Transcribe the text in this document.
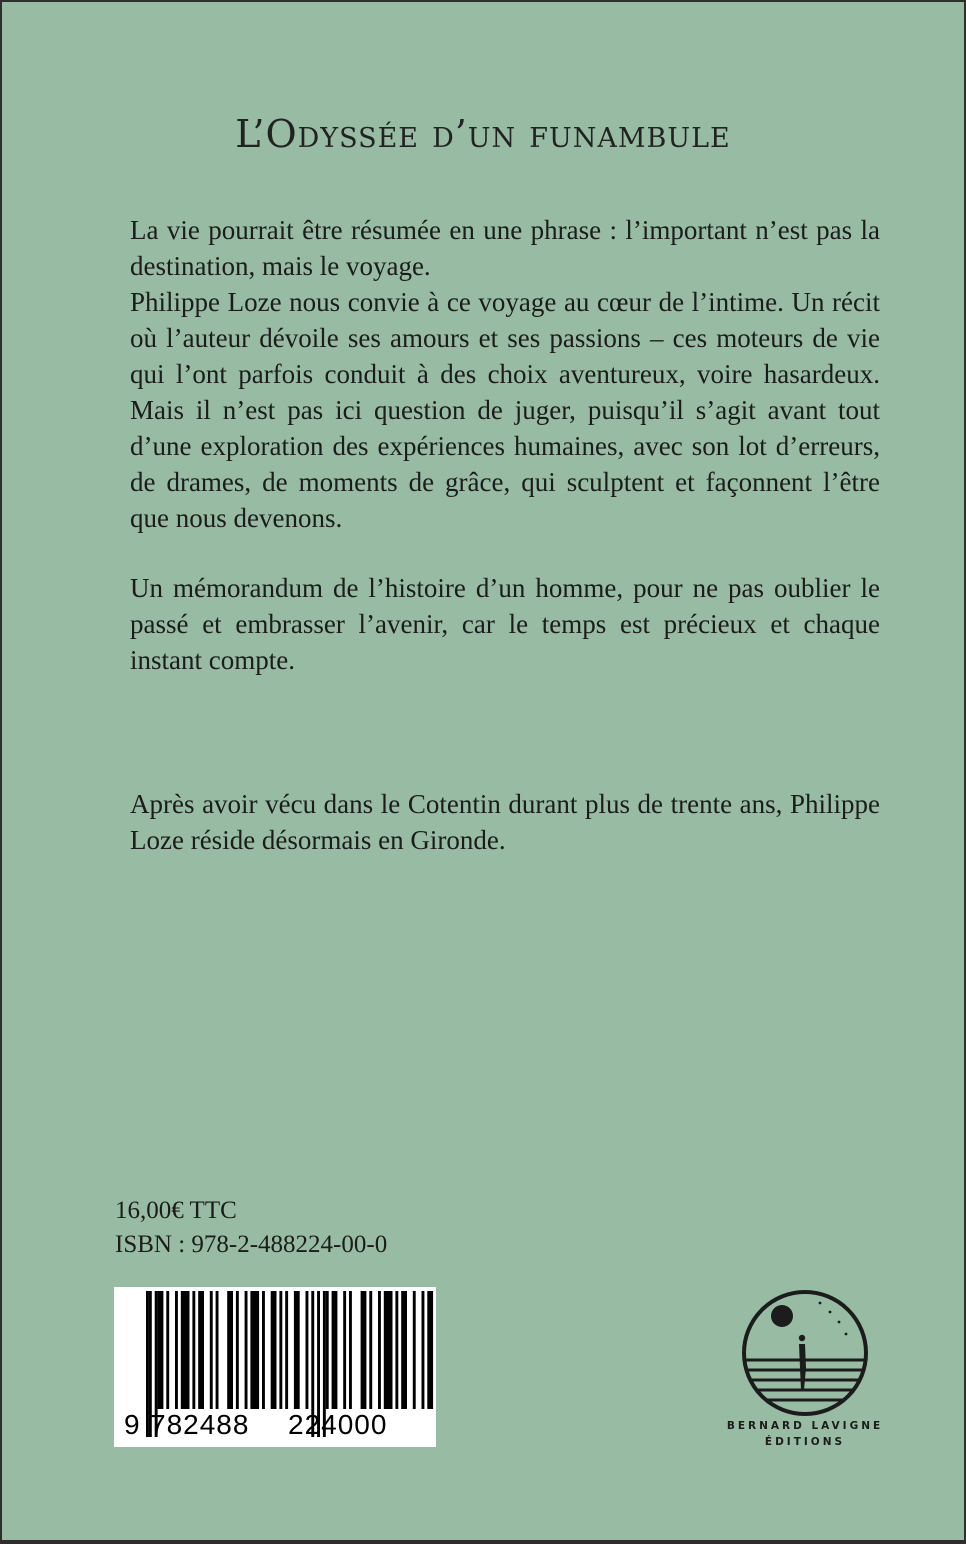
L’Odyssée d’un funambule

La vie pourrait être résumée en une phrase : l’important n’est pas la destination, mais le voyage.

Philippe Loze nous convie à ce voyage au cœur de l’intime. Un récit où l’auteur dévoile ses amours et ses passions – ces moteurs de vie qui l’ont parfois conduit à des choix aventureux, voire hasardeux. Mais il n’est pas ici question de juger, puisqu’il s’agit avant tout d’une exploration des expériences humaines, avec son lot d’erreurs, de drames, de moments de grâce, qui sculptent et façonnent l’être que nous devenons.

Un mémorandum de l’histoire d’un homme, pour ne pas oublier le passé et embrasser l’avenir, car le temps est précieux et chaque instant compte.

Après avoir vécu dans le Cotentin durant plus de trente ans, Philippe Loze réside désormais en Gironde.

16,00€ TTC
ISBN : 978-2-488224-00-0
9 782488 224000	BERNARD LAVIGNE
ÉDITIONS
